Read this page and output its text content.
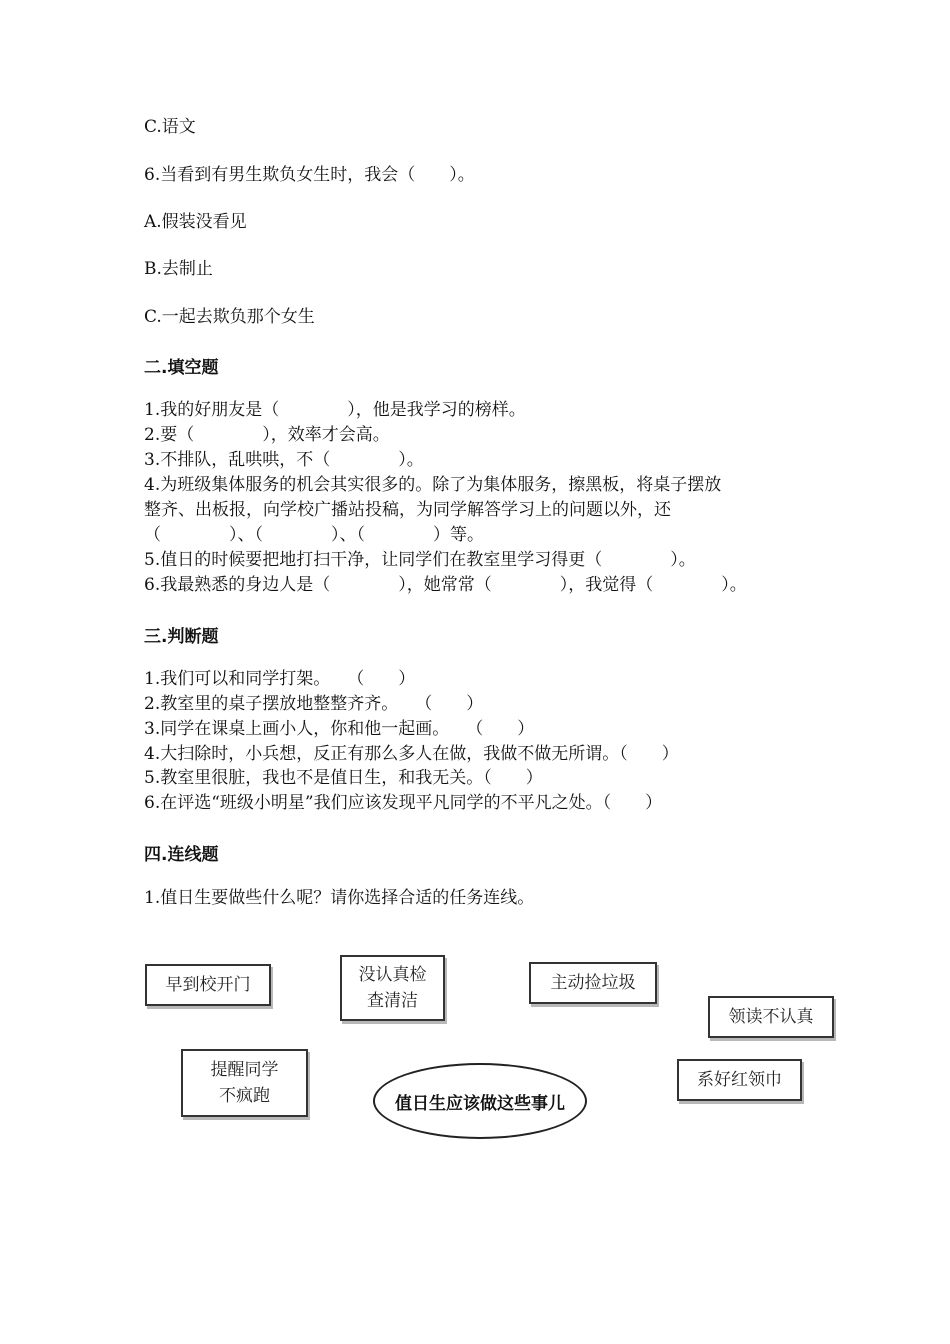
C.语文
6.当看到有男生欺负女生时，我会（　　）。
A.假装没看见
B.去制止
C.一起去欺负那个女生
二.填空题
1.我的好朋友是（　　　　），他是我学习的榜样。
2.要（　　　　），效率才会高。
3.不排队，乱哄哄，不（　　　　）。
4.为班级集体服务的机会其实很多的。除了为集体服务，擦黑板，将桌子摆放
整齐、出板报，向学校广播站投稿，为同学解答学习上的问题以外，还
（　　　　）、（　　　　）、（　　　　）等。
5.值日的时候要把地打扫干净，让同学们在教室里学习得更（　　　　）。
6.我最熟悉的身边人是（　　　　），她常常（　　　　），我觉得（　　　　）。
三.判断题
1.我们可以和同学打架。　　（　　）
2.教室里的桌子摆放地整整齐齐。　　（　　）
3.同学在课桌上画小人，你和他一起画。　　（　　）
4.大扫除时，小兵想，反正有那么多人在做，我做不做无所谓。（　　）
5.教室里很脏，我也不是值日生，和我无关。（　　）
6.在评选“班级小明星”我们应该发现平凡同学的不平凡之处。（　　）
四.连线题
1.值日生要做些什么呢？请你选择合适的任务连线。
早到校开门	没认真检
查清洁
主动捡垃圾
领读不认真
提醒同学
不疯跑
系好红领巾
值日生应该做这些事儿
